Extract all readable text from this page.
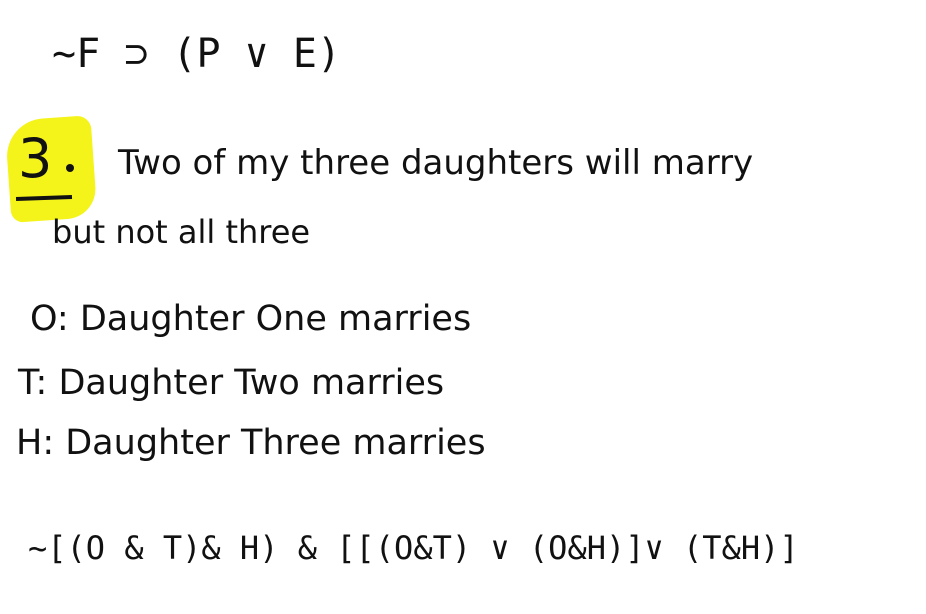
~F ⊃ (P ∨ E)
3 Two of my three daughters will marry
but not all three
O: Daughter One marries
T: Daughter Two marries
H: Daughter Three marries
~[(O & T)& H) & [[(O&T) ∨ (O&H)]∨ (T&H)]
